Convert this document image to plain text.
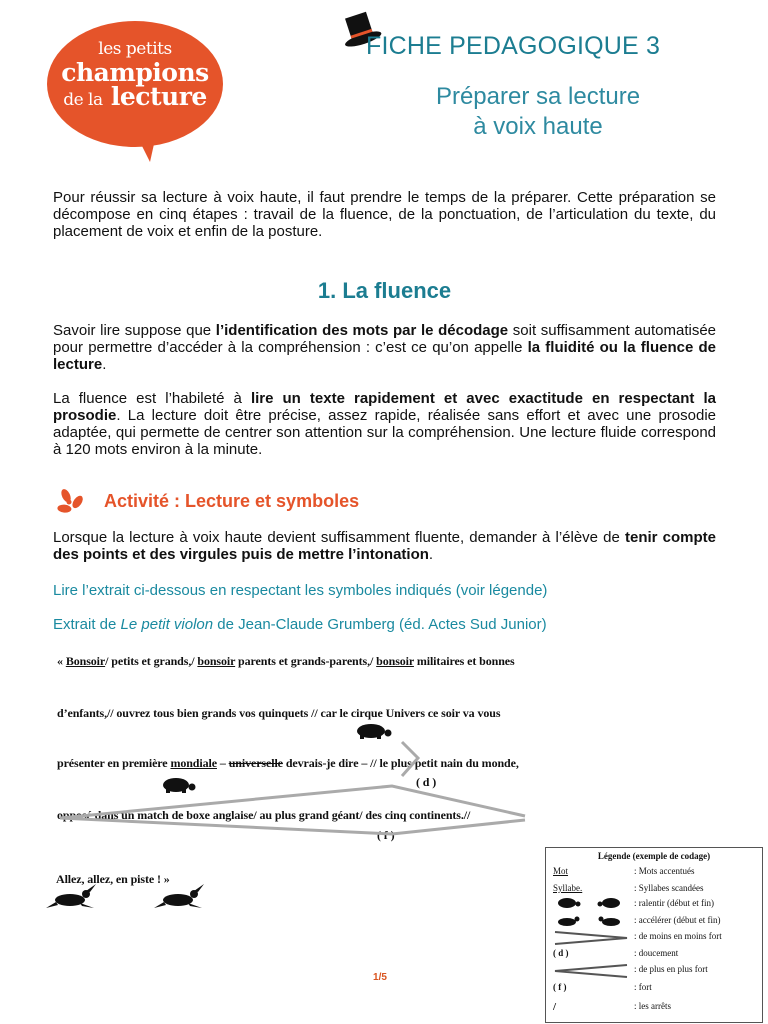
les petits
champions
de la lecture
FICHE PEDAGOGIQUE 3
Préparer sa lecture
à voix haute

Pour réussir sa lecture à voix haute, il faut prendre le temps de la préparer. Cette préparation se décompose en cinq étapes : travail de la fluence, de la ponctuation, de l’articulation du texte, du placement de voix et enfin de la posture.

1. La fluence

Savoir lire suppose que l’identification des mots par le décodage soit suffisamment automatisée pour permettre d’accéder à la compréhension : c’est ce qu’on appelle la fluidité ou la fluence de lecture.

La fluence est l’habileté à lire un texte rapidement et avec exactitude en respectant la prosodie. La lecture doit être précise, assez rapide, réalisée sans effort et avec une prosodie adaptée, qui permette de centrer son attention sur la compréhension. Une lecture fluide correspond à 120 mots environ à la minute.

Activité : Lecture et symboles

Lorsque la lecture à voix haute devient suffisamment fluente, demander à l’élève de tenir compte des points et des virgules puis de mettre l’intonation.

Lire l’extrait ci-dessous en respectant les symboles indiqués (voir légende)
Extrait de Le petit violon de Jean-Claude Grumberg (éd. Actes Sud Junior)
« Bonsoir/ petits et grands,/ bonsoir parents et grands-parents,/ bonsoir militaires et bonnes
d’enfants,// ouvrez tous bien grands vos quinquets // car le cirque Univers ce soir va vous
présenter en première mondiale – universelle devrais-je dire – // le plus petit nain du monde,
opposé dans un match de boxe anglaise/ au plus grand géant/ des cinq continents.//
Allez, allez, en piste ! »
( d )
( f )
Légende (exemple de codage)
Mot	: Mots accentués
Syllabe.	: Syllabes scandées
: ralentir (début et fin)
: accélérer (début et fin)
: de moins en moins fort
( d )	: doucement
: de plus en plus fort
( f )	: fort
/	: les arrêts
1/5
